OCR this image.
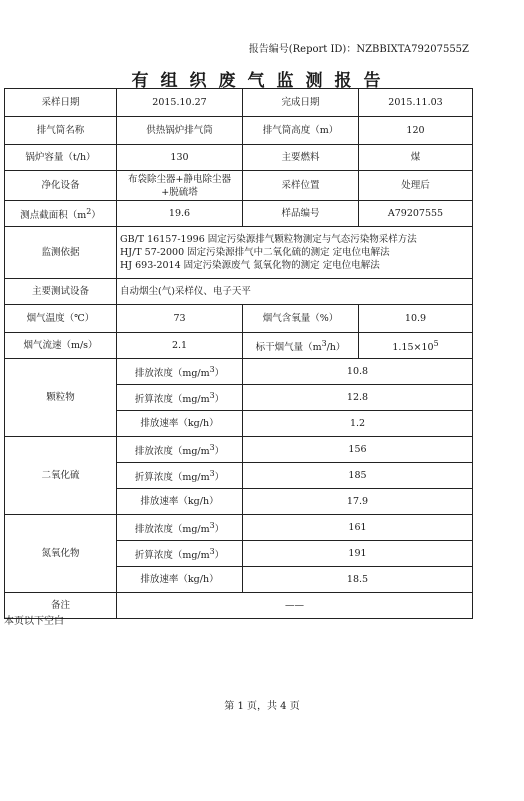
报告编号(Report ID)：NZBBIXTA79207555Z
有组织废气监测报告
采样日期	2015.10.27	完成日期	2015.11.03
排气筒名称	供热锅炉排气筒	排气筒高度（m）	120
锅炉容量（t/h）	130	主要燃料	煤
净化设备	布袋除尘器+静电除尘器+脱硫塔	采样位置	处理后
测点截面积$(m^2)$	19.6	样品编号	A79207555
监测依据	GB/T 16157-1996 固定污染源排气颗粒物测定与气态污染物采样方法
HJ/T 57-2000 固定污染源排气中二氧化硫的测定 定电位电解法
HJ 693-2014 固定污染源废气 氮氧化物的测定 定电位电解法		

主要测试设备	自动烟尘(气)采样仪、电子天平		
烟气温度（℃）	73	烟气含氧量（%）	10.9
烟气流速（m/s）	2.1	标干烟气量$(m^3/h)$	$1.15\times 10^5$
颗粒物	排放浓度$(mg/m^3)$	10.8	
	折算浓度$(mg/m^3)$	12.8	
	排放速率（kg/h）	1.2	
二氧化硫	排放浓度$(mg/m^3)$	156	
	折算浓度$(mg/m^3)$	185	
	排放速率（kg/h）	17.9	
氮氧化物	排放浓度$(mg/m^3)$	161	
	折算浓度$(mg/m^3)$	191	
	排放速率（kg/h）	18.5	
备注	——		
本页以下空白
第 1 页，共 4 页
